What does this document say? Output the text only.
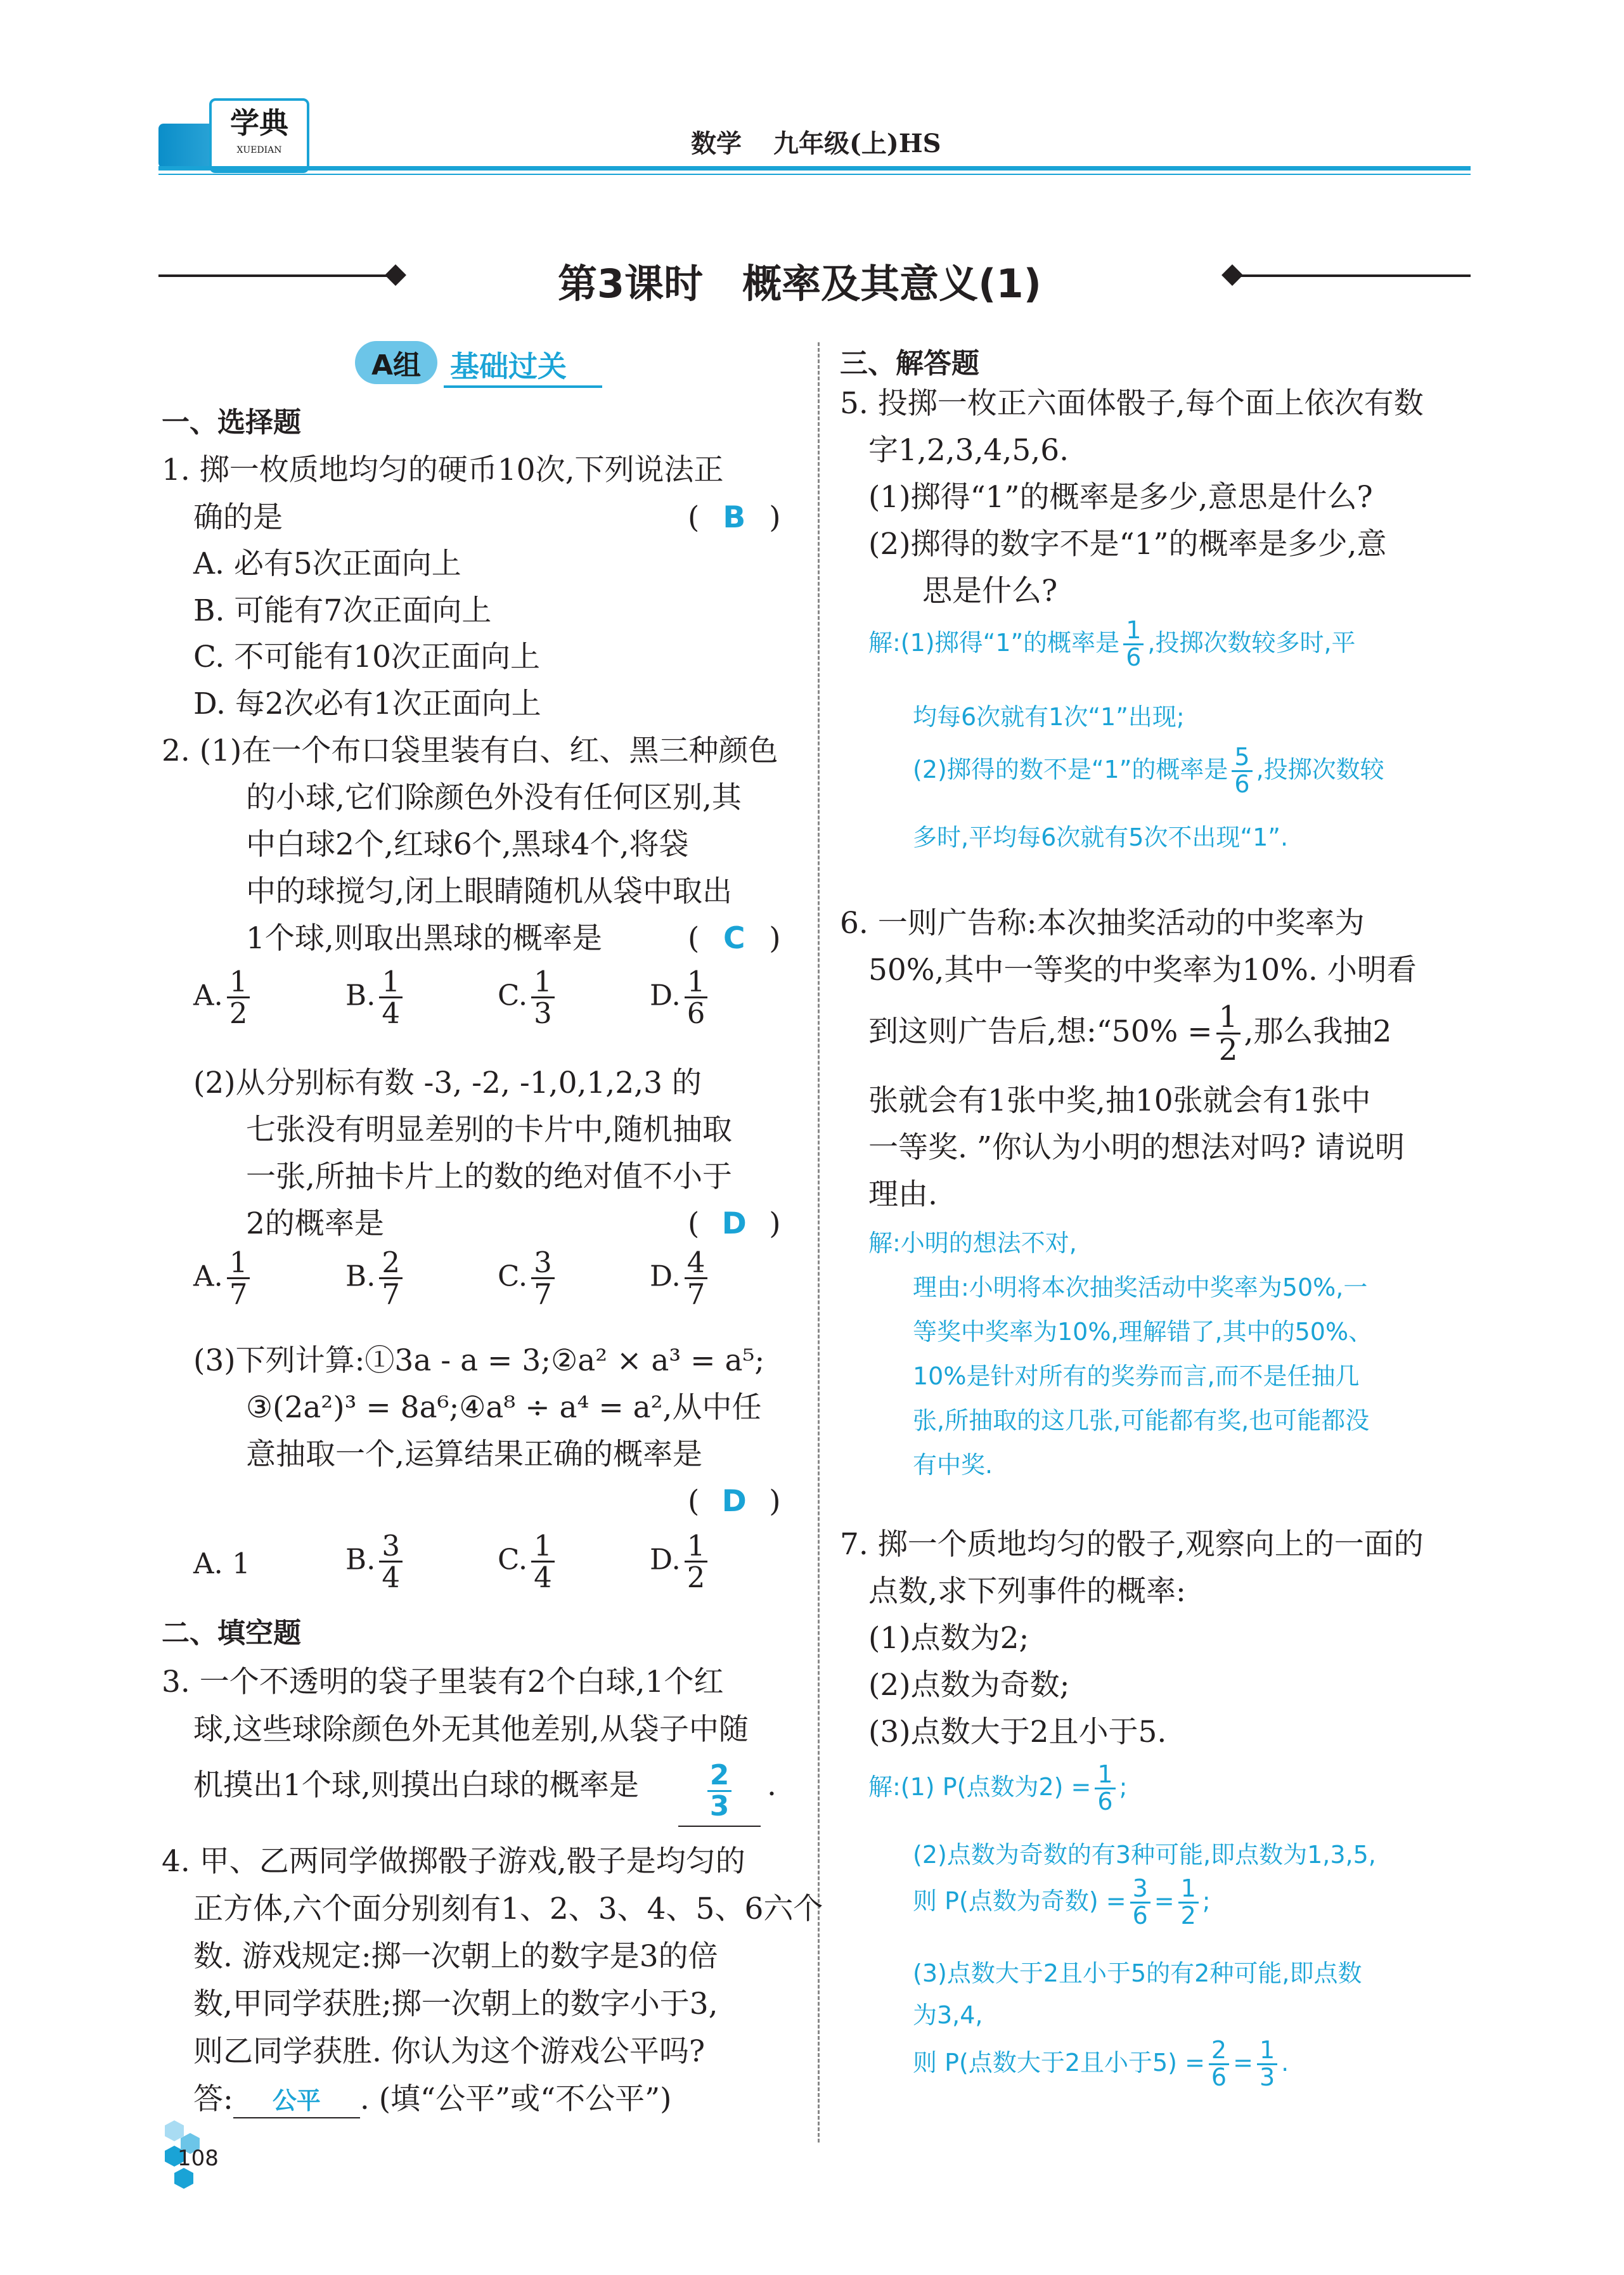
学典
XUEDIAN	数学 九年级(上)HS
第3课时　概率及其意义(1)
A组 基础过关
一、选择题
1. 掷一枚质地均匀的硬币10次,下列说法正
确的是	( B )
A. 必有5次正面向上
B. 可能有7次正面向上
C. 不可能有10次正面向上
D. 每2次必有1次正面向上
2. (1)在一个布口袋里装有白、红、黑三种颜色
的小球,它们除颜色外没有任何区别,其
中白球2个,红球6个,黑球4个,将袋
中的球搅匀,闭上眼睛随机从袋中取出
1个球,则取出黑球的概率是	( C )
A. $\frac{1}{2}$	B. $\frac{1}{4}$	C. $\frac{1}{3}$	D. $\frac{1}{6}$
(2)从分别标有数 -3, -2, -1,0,1,2,3 的
七张没有明显差别的卡片中,随机抽取
一张,所抽卡片上的数的绝对值不小于
2的概率是	( D )
A. $\frac{1}{7}$	B. $\frac{2}{7}$	C. $\frac{3}{7}$	D. $\frac{4}{7}$
(3)下列计算:①3a - a = 3;②a² × a³ = a⁵;
③(2a²)³ = 8a⁶;④a⁸ ÷ a⁴ = a²,从中任
意抽取一个,运算结果正确的概率是
( D )
A. 1	B. $\frac{3}{4}$	C. $\frac{1}{4}$	D. $\frac{1}{2}$
二、填空题
3. 一个不透明的袋子里装有2个白球,1个红
球,这些球除颜色外无其他差别,从袋子中随
机摸出1个球,则摸出白球的概率是 $\frac{2}{3}$ .
4. 甲、乙两同学做掷骰子游戏,骰子是均匀的
正方体,六个面分别刻有1、2、3、4、5、6六个
数. 游戏规定:掷一次朝上的数字是3的倍
数,甲同学获胜;掷一次朝上的数字小于3,
则乙同学获胜. 你认为这个游戏公平吗?
答: 公平 . (填“公平”或“不公平”)
108
三、解答题
5. 投掷一枚正六面体骰子,每个面上依次有数
字1,2,3,4,5,6.
(1)掷得“1”的概率是多少,意思是什么?
(2)掷得的数字不是“1”的概率是多少,意
思是什么?
解:(1)掷得“1”的概率是 $\frac{1}{6}$ ,投掷次数较多时,平
均每6次就有1次“1”出现;
(2)掷得的数不是“1”的概率是 $\frac{5}{6}$ ,投掷次数较
多时,平均每6次就有5次不出现“1”.
6. 一则广告称:本次抽奖活动的中奖率为
50%,其中一等奖的中奖率为10%. 小明看
到这则广告后,想:“50% = $\frac{1}{2}$ ,那么我抽2
张就会有1张中奖,抽10张就会有1张中
一等奖. ”你认为小明的想法对吗? 请说明
理由.
解:小明的想法不对,
理由:小明将本次抽奖活动中奖率为50%,一
等奖中奖率为10%,理解错了,其中的50%、
10%是针对所有的奖券而言,而不是任抽几
张,所抽取的这几张,可能都有奖,也可能都没
有中奖.
7. 掷一个质地均匀的骰子,观察向上的一面的
点数,求下列事件的概率:
(1)点数为2;
(2)点数为奇数;
(3)点数大于2且小于5.
解:(1) P(点数为$2) = \frac{1}{6}$ ;
(2)点数为奇数的有3种可能,即点数为1,3,5,
则 P(点数为奇数) = $\frac{3}{6} = \frac{1}{2}$ ;
(3)点数大于2且小于5的有2种可能,即点数
为3,4,
则 P(点数大于2且小于$5) = \frac{2}{6} = \frac{1}{3}$ .
